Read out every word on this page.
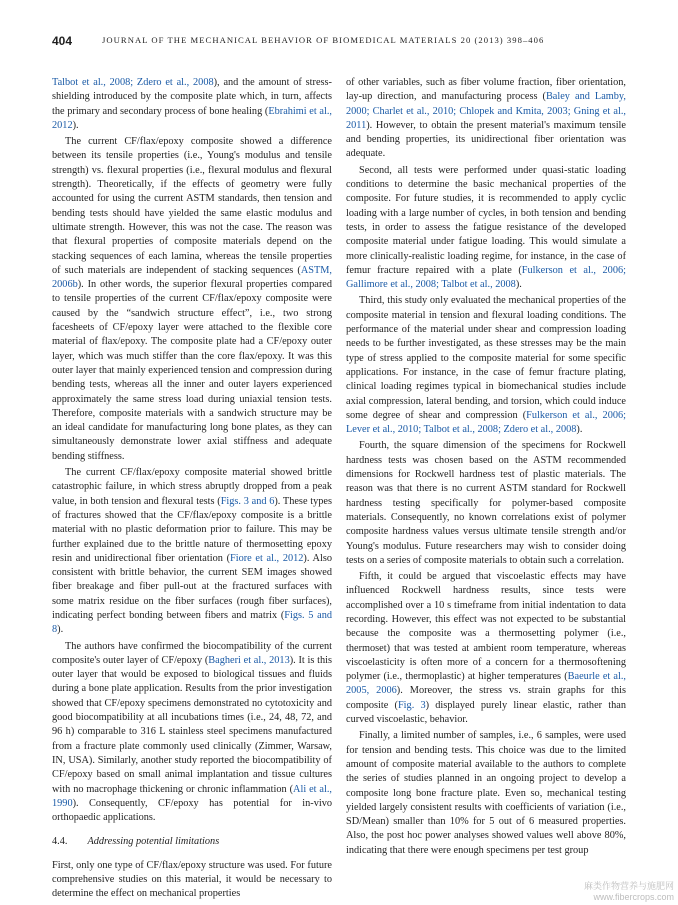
404	JOURNAL OF THE MECHANICAL BEHAVIOR OF BIOMEDICAL MATERIALS 20 (2013) 398–406

Talbot et al., 2008; Zdero et al., 2008), and the amount of stress-shielding introduced by the composite plate which, in turn, affects the primary and secondary process of bone healing (Ebrahimi et al., 2012).

The current CF/flax/epoxy composite showed a difference between its tensile properties (i.e., Young's modulus and tensile strength) vs. flexural properties (i.e., flexural modulus and flexural strength). Theoretically, if the effects of geometry were fully accounted for using the current ASTM standards, then tension and bending tests should have yielded the same elastic modulus and ultimate strength. However, this was not the case. The reason was that flexural properties of composite materials depend on the stacking sequences of each lamina, whereas the tensile properties of such materials are independent of stacking sequences (ASTM, 2006b). In other words, the superior flexural properties compared to tensile properties of the current CF/flax/epoxy composite were caused by the “sandwich structure effect”, i.e., two strong facesheets of CF/epoxy layer were attached to the flexible core material of flax/epoxy. The composite plate had a CF/epoxy outer layer, which was much stiffer than the core flax/epoxy. It was this outer layer that mainly experienced tension and compression during bending tests, whereas all the inner and outer layers experienced approximately the same stress load during uniaxial tension tests. Therefore, composite materials with a sandwich structure may be an ideal candidate for manufacturing long bone plates, as they can simultaneously demonstrate lower axial stiffness and adequate bending stiffness.

The current CF/flax/epoxy composite material showed brittle catastrophic failure, in which stress abruptly dropped from a peak value, in both tension and flexural tests (Figs. 3 and 6). These types of fractures showed that the CF/flax/epoxy composite is a brittle material with no plastic deformation prior to failure. This may be further explained due to the brittle nature of thermosetting epoxy resin and unidirectional fiber orientation (Fiore et al., 2012). Also consistent with brittle behavior, the current SEM images showed fiber breakage and fiber pull-out at the fractured surfaces with some matrix residue on the fiber surfaces (rough fiber surfaces), indicating perfect bonding between fibers and matrix (Figs. 5 and 8).

The authors have confirmed the biocompatibility of the current composite's outer layer of CF/epoxy (Bagheri et al., 2013). It is this outer layer that would be exposed to biological tissues and fluids during a bone plate application. Results from the prior investigation showed that CF/epoxy specimens demonstrated no cytotoxicity and good biocompatibility at all incubations times (i.e., 24, 48, 72, and 96 h) comparable to 316 L stainless steel specimens manufactured from a fracture plate commonly used clinically (Zimmer, Warsaw, IN, USA). Similarly, another study reported the biocompatibility of CF/epoxy based on small animal implantation and tissue cultures with no macrophage thickening or chronic inflammation (Ali et al., 1990). Consequently, CF/epoxy has potential for in-vivo orthopaedic applications.

4.4. Addressing potential limitations

First, only one type of CF/flax/epoxy structure was used. For future comprehensive studies on this material, it would be necessary to determine the effect on mechanical properties

of other variables, such as fiber volume fraction, fiber orientation, lay-up direction, and manufacturing process (Baley and Lamby, 2000; Charlet et al., 2010; Chlopek and Kmita, 2003; Gning et al., 2011). However, to obtain the present material's maximum tensile and bending properties, its unidirectional fiber orientation was adequate.

Second, all tests were performed under quasi-static loading conditions to determine the basic mechanical properties of the composite. For future studies, it is recommended to apply cyclic loading with a large number of cycles, in both tension and bending tests, in order to assess the fatigue resistance of the developed composite material under fatigue loading. This would simulate a more clinically-realistic loading regime, for instance, in the case of femur fracture repaired with a plate (Fulkerson et al., 2006; Gallimore et al., 2008; Talbot et al., 2008).

Third, this study only evaluated the mechanical properties of the composite material in tension and flexural loading conditions. The performance of the material under shear and compression loading needs to be further investigated, as these stresses may be the main type of stress applied to the composite material for some specific applications. For instance, in the case of femur fracture plating, clinical loading regimes typical in biomechanical studies include axial compression, lateral bending, and torsion, which could induce some degree of shear and compression (Fulkerson et al., 2006; Lever et al., 2010; Talbot et al., 2008; Zdero et al., 2008).

Fourth, the square dimension of the specimens for Rockwell hardness tests was chosen based on the ASTM recommended dimensions for Rockwell hardness test of plastic materials. The reason was that there is no current ASTM standard for Rockwell hardness testing specifically for polymer-based composite materials. Consequently, no known correlations exist of polymer composite hardness values versus ultimate tensile strength and/or Young's modulus. Future researchers may wish to consider doing tests on a series of composite materials to obtain such a correlation.

Fifth, it could be argued that viscoelastic effects may have influenced Rockwell hardness results, since tests were accomplished over a 10 s timeframe from initial indentation to data recording. However, this effect was not expected to be substantial because the composite was a thermosetting polymer (i.e., thermoset) that was tested at ambient room temperature, whereas viscoelasticity is often more of a concern for a thermosoftening polymer (i.e., thermoplastic) at higher temperatures (Baeurle et al., 2005, 2006). Moreover, the stress vs. strain graphs for this composite (Fig. 3) displayed purely linear elastic, rather than curved viscoelastic, behavior.

Finally, a limited number of samples, i.e., 6 samples, were used for tension and bending tests. This choice was due to the limited amount of composite material available to the authors to complete the series of studies planned in an ongoing project to develop a composite long bone fracture plate. Even so, mechanical testing yielded largely consistent results with coefficients of variation (i.e., SD/Mean) smaller than 10% for 5 out of 6 measured properties. Also, the post hoc power analyses showed values well above 80%, indicating that there were enough specimens per test group

麻类作物营养与施肥网
www.fibercrops.com
